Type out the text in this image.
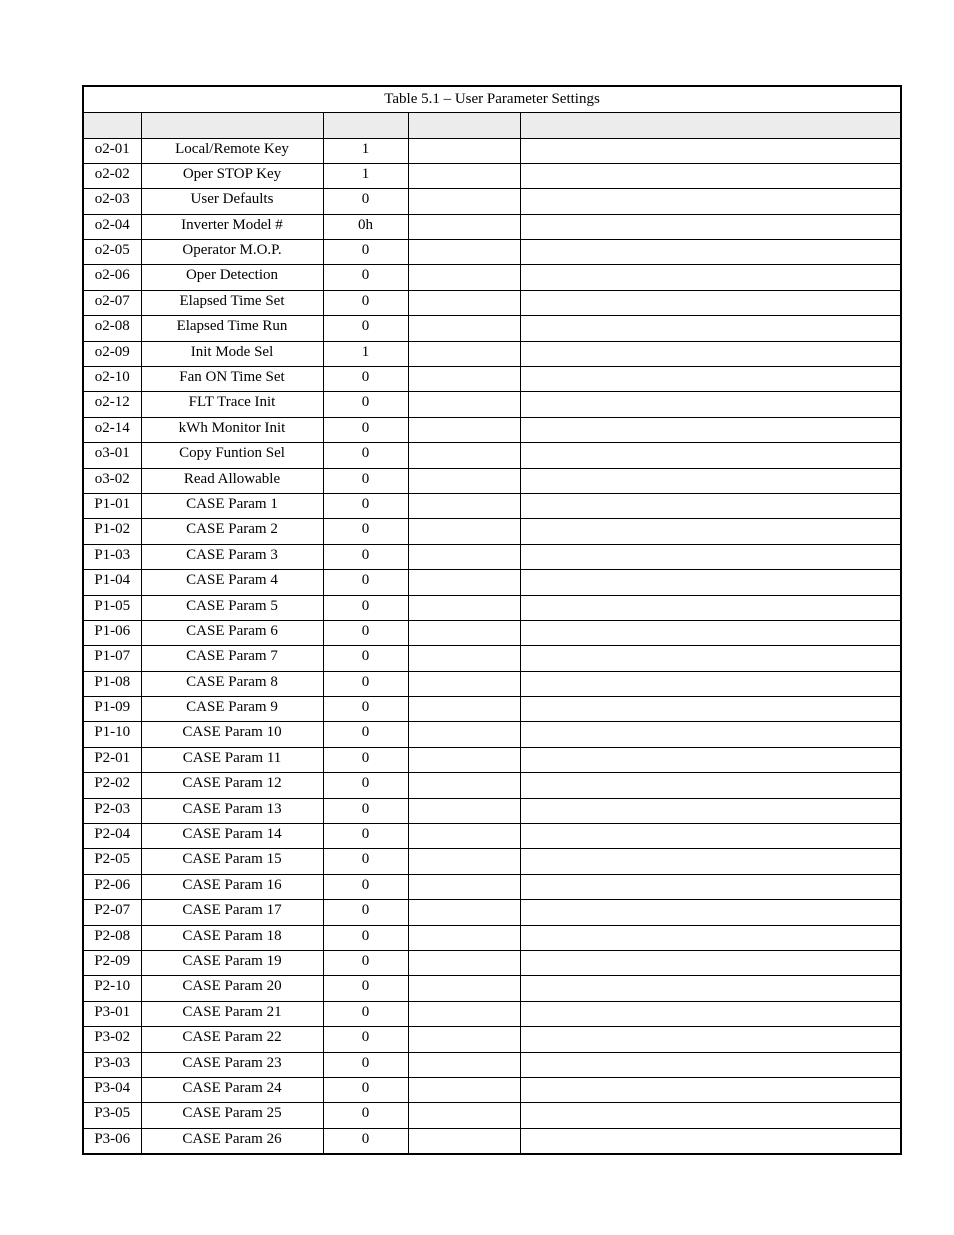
Table 5.1 – User Parameter Settings				

o2-01	Local/Remote Key	1		
o2-02	Oper STOP Key	1		
o2-03	User Defaults	0		
o2-04	Inverter Model #	0h		
o2-05	Operator M.O.P.	0		
o2-06	Oper Detection	0		
o2-07	Elapsed Time Set	0		
o2-08	Elapsed Time Run	0		
o2-09	Init Mode Sel	1		
o2-10	Fan ON Time Set	0		
o2-12	FLT Trace Init	0		
o2-14	kWh Monitor Init	0		
o3-01	Copy Funtion Sel	0		
o3-02	Read Allowable	0		
P1-01	CASE Param 1	0		
P1-02	CASE Param 2	0		
P1-03	CASE Param 3	0		
P1-04	CASE Param 4	0		
P1-05	CASE Param 5	0		
P1-06	CASE Param 6	0		
P1-07	CASE Param 7	0		
P1-08	CASE Param 8	0		
P1-09	CASE Param 9	0		
P1-10	CASE Param 10	0		
P2-01	CASE Param 11	0		
P2-02	CASE Param 12	0		
P2-03	CASE Param 13	0		
P2-04	CASE Param 14	0		
P2-05	CASE Param 15	0		
P2-06	CASE Param 16	0		
P2-07	CASE Param 17	0		
P2-08	CASE Param 18	0		
P2-09	CASE Param 19	0		
P2-10	CASE Param 20	0		
P3-01	CASE Param 21	0		
P3-02	CASE Param 22	0		
P3-03	CASE Param 23	0		
P3-04	CASE Param 24	0		
P3-05	CASE Param 25	0		
P3-06	CASE Param 26	0		
